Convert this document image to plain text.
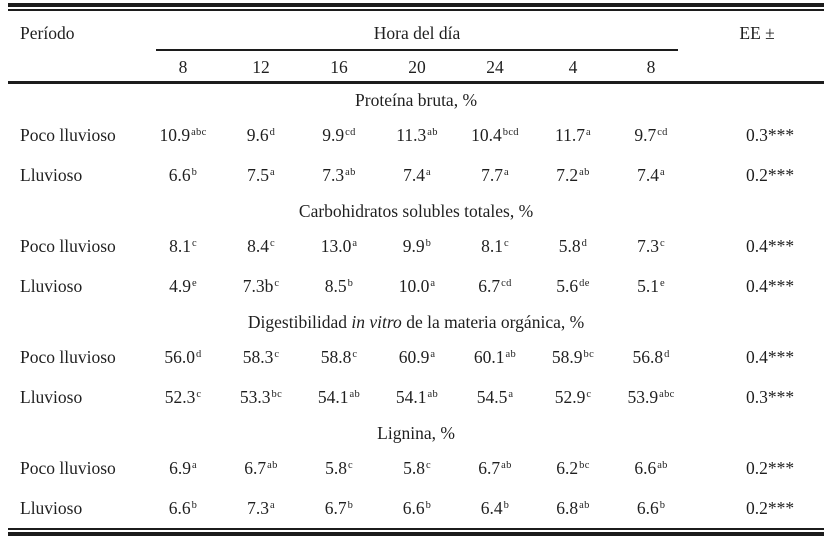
Período	Hora del día							EE ±
	8	12	16	20	24	4	8	
Proteína bruta, %								
Poco lluvioso	10.9$^{abc}$	9.6$^d$	9.9$^{cd}$	11.3$^{ab}$	10.4$^{bcd}$	11.7$^a$	9.7$^{cd}$	0.3***
Lluvioso	6.6$^b$	7.5$^a$	7.3$^{ab}$	7.4$^a$	7.7$^a$	7.2$^{ab}$	7.4$^a$	0.2***
Carbohidratos solubles totales, %								
Poco lluvioso	8.1$^c$	8.4$^c$	13.0$^a$	9.9$^b$	8.1$^c$	5.8$^d$	7.3$^c$	0.4***
Lluvioso	4.9e	$7.3b^c$	8.5$^b$	10.0$^a$	6.7$^{cd}$	5.6de	5.1e	0.4***
Digestibilidad in vitro de la materia orgánica, %								
Poco lluvioso	56.0$^d$	58.3$^c$	58.8$^c$	60.9$^a$	60.1$^{ab}$	58.9$^{bc}$	56.8$^d$	0.4***
Lluvioso	52.3$^c$	53.3$^{bc}$	54.1$^{ab}$	54.1$^{ab}$	54.5$^a$	52.9$^c$	53.9$^{abc}$	0.3***
Lignina, %								
Poco lluvioso	6.9$^a$	6.7$^{ab}$	5.8$^c$	5.8$^c$	6.7$^{ab}$	6.2$^{bc}$	6.6$^{ab}$	0.2***
Lluvioso	6.6$^b$	7.3$^a$	6.7$^b$	6.6$^b$	6.4$^b$	6.8$^{ab}$	6.6$^b$	0.2***
